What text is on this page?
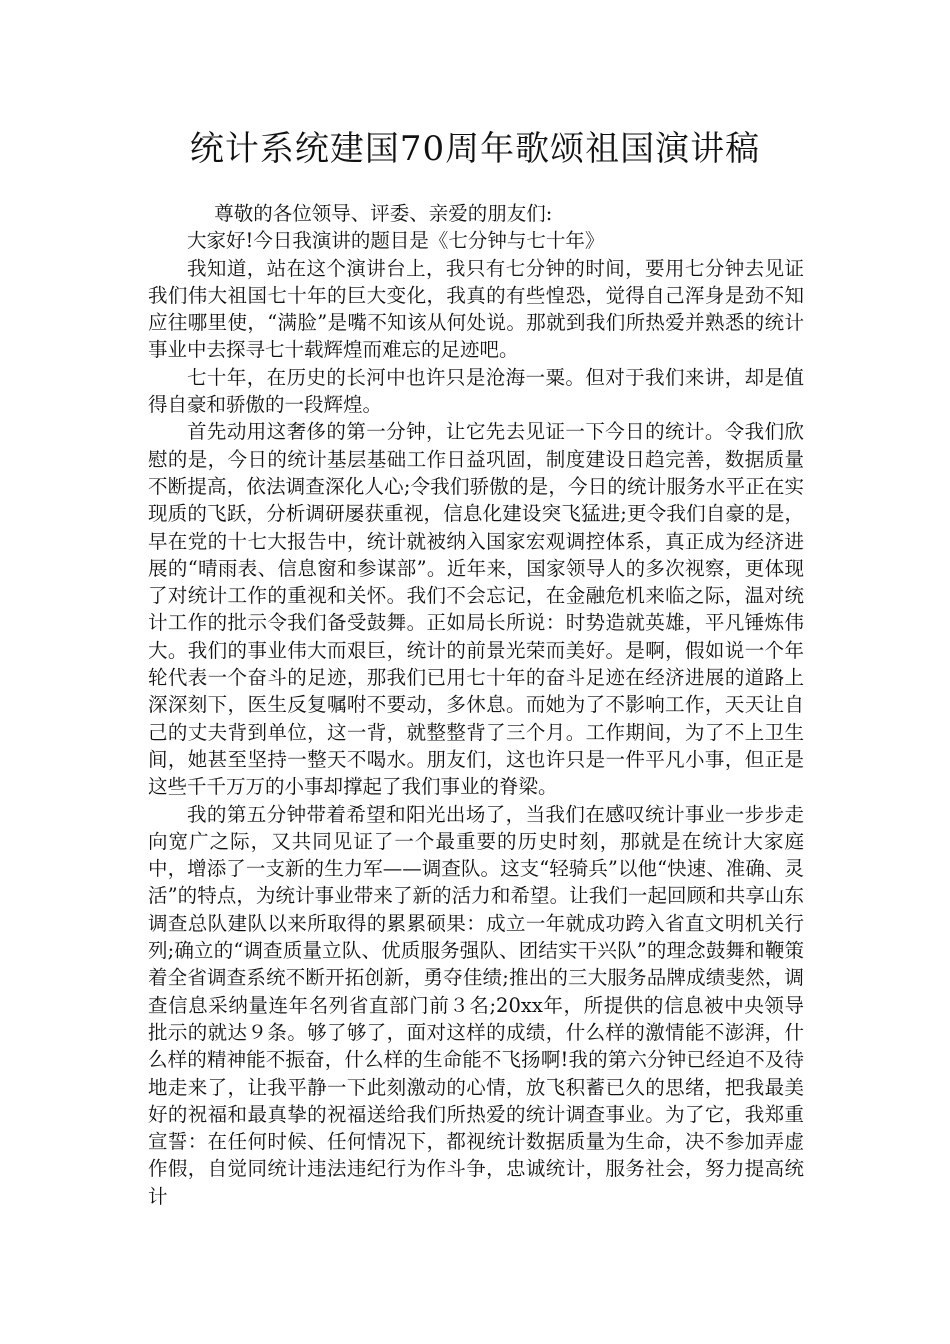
统计系统建国70周年歌颂祖国演讲稿

尊敬的各位领导、评委、亲爱的朋友们:

大家好!今日我演讲的题目是《七分钟与七十年》

我知道，站在这个演讲台上，我只有七分钟的时间，要用七分钟去见证我们伟大祖国七十年的巨大变化，我真的有些惶恐，觉得自己浑身是劲不知应往哪里使，“满脸”是嘴不知该从何处说。那就到我们所热爱并熟悉的统计事业中去探寻七十载辉煌而难忘的足迹吧。

七十年，在历史的长河中也许只是沧海一粟。但对于我们来讲，却是值得自豪和骄傲的一段辉煌。

首先动用这奢侈的第一分钟，让它先去见证一下今日的统计。令我们欣慰的是，今日的统计基层基础工作日益巩固，制度建设日趋完善，数据质量不断提高，依法调查深化人心;令我们骄傲的是，今日的统计服务水平正在实现质的飞跃，分析调研屡获重视，信息化建设突飞猛进;更令我们自豪的是，早在党的十七大报告中，统计就被纳入国家宏观调控体系，真正成为经济进展的“晴雨表、信息窗和参谋部”。近年来，国家领导人的多次视察，更体现了对统计工作的重视和关怀。我们不会忘记，在金融危机来临之际，温对统计工作的批示令我们备受鼓舞。正如局长所说：时势造就英雄，平凡锤炼伟大。我们的事业伟大而艰巨，统计的前景光荣而美好。是啊，假如说一个年轮代表一个奋斗的足迹，那我们已用七十年的奋斗足迹在经济进展的道路上深深刻下，医生反复嘱咐不要动，多休息。而她为了不影响工作，天天让自己的丈夫背到单位，这一背，就整整背了三个月。工作期间，为了不上卫生间，她甚至坚持一整天不喝水。朋友们，这也许只是一件平凡小事，但正是这些千千万万的小事却撑起了我们事业的脊梁。

我的第五分钟带着希望和阳光出场了，当我们在感叹统计事业一步步走向宽广之际，又共同见证了一个最重要的历史时刻，那就是在统计大家庭中，增添了一支新的生力军——调查队。这支“轻骑兵”以他“快速、准确、灵活”的特点，为统计事业带来了新的活力和希望。让我们一起回顾和共享山东调查总队建队以来所取得的累累硕果：成立一年就成功跨入省直文明机关行列;确立的“调查质量立队、优质服务强队、团结实干兴队”的理念鼓舞和鞭策着全省调查系统不断开拓创新，勇夺佳绩;推出的三大服务品牌成绩斐然，调查信息采纳量连年名列省直部门前３名;20xx年，所提供的信息被中央领导批示的就达９条。够了够了，面对这样的成绩，什么样的激情能不澎湃，什么样的精神能不振奋，什么样的生命能不飞扬啊!我的第六分钟已经迫不及待地走来了，让我平静一下此刻激动的心情，放飞积蓄已久的思绪，把我最美好的祝福和最真挚的祝福送给我们所热爱的统计调查事业。为了它，我郑重宣誓：在任何时候、任何情况下，都视统计数据质量为生命，决不参加弄虚作假，自觉同统计违法违纪行为作斗争，忠诚统计，服务社会，努力提高统计
